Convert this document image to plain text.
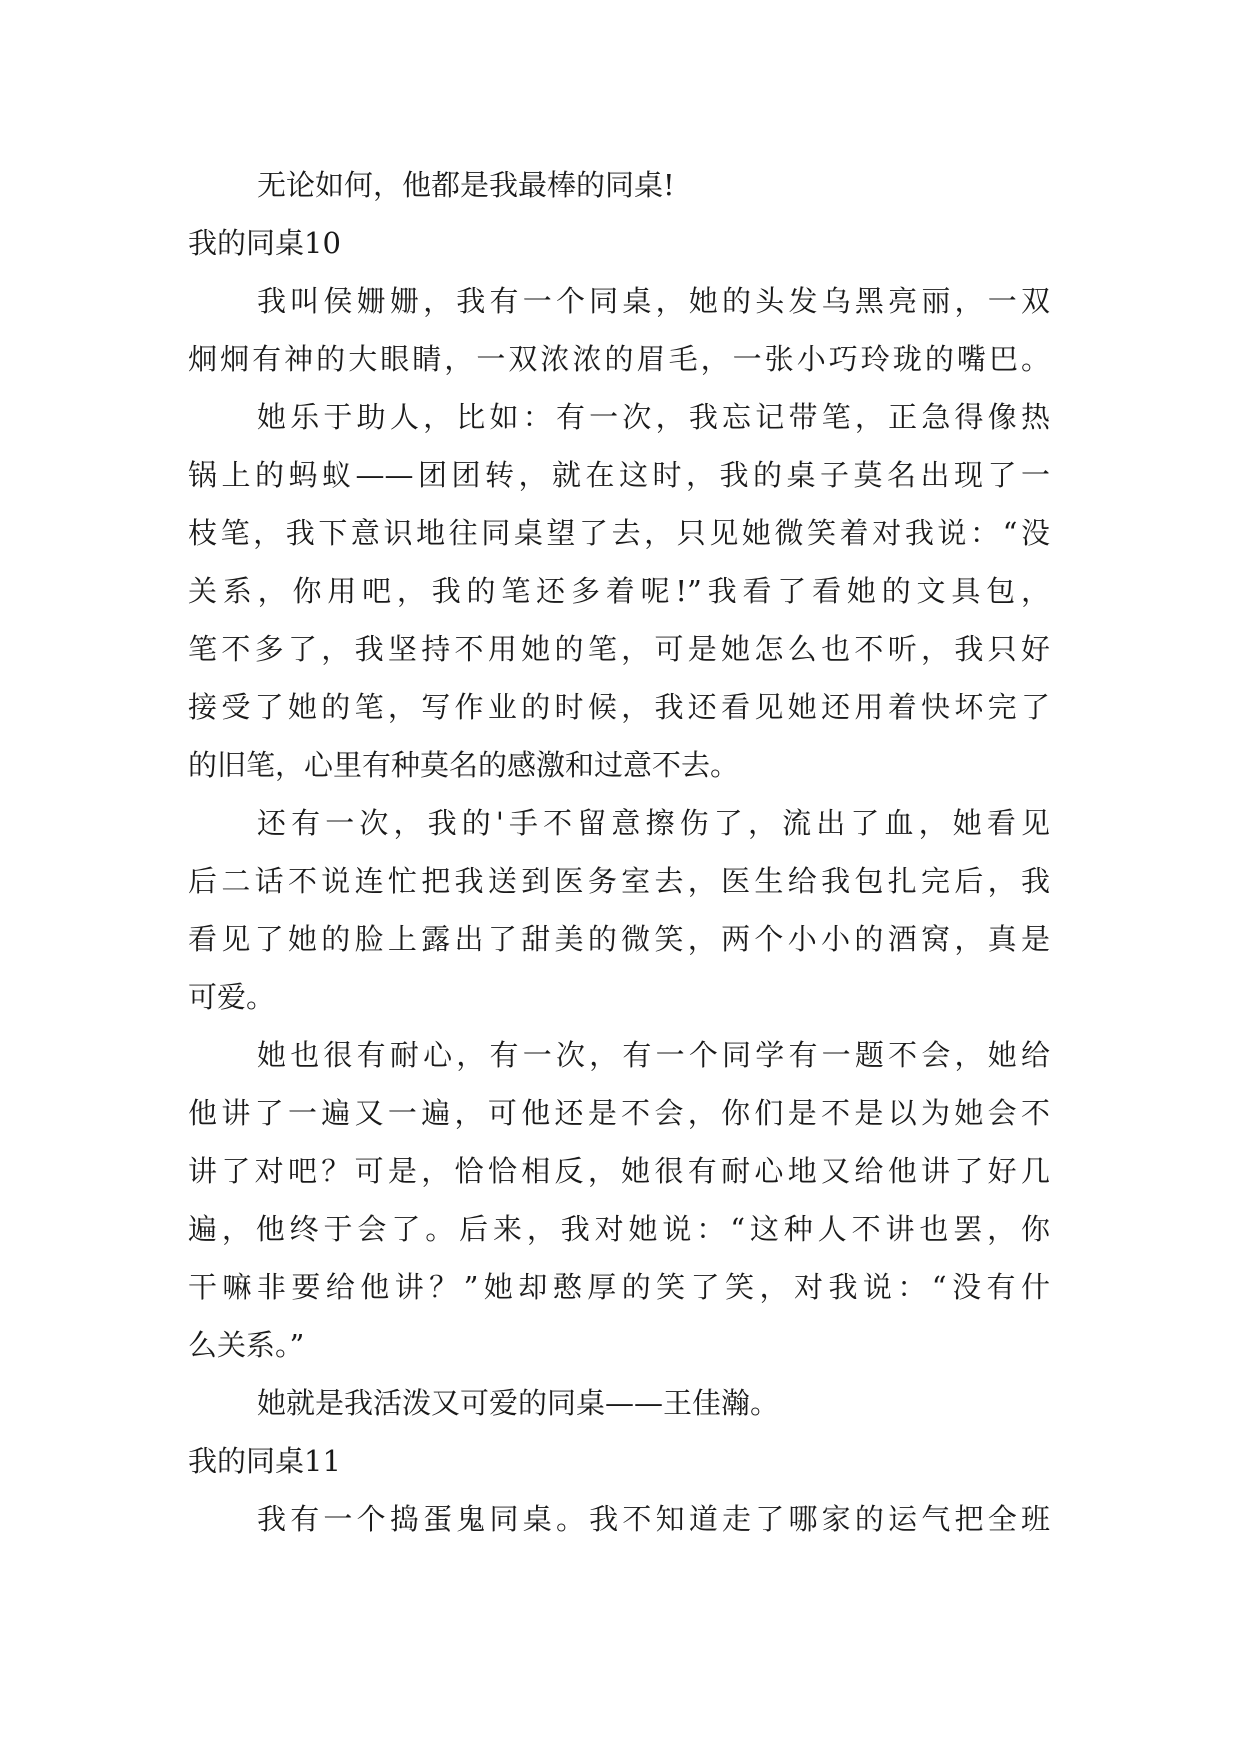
无论如何，他都是我最棒的同桌!
我的同桌10
我叫侯姗姗，我有一个同桌，她的头发乌黑亮丽，一双
炯炯有神的大眼睛，一双浓浓的眉毛，一张小巧玲珑的嘴巴。
她乐于助人，比如：有一次，我忘记带笔，正急得像热
锅上的蚂蚁——团团转，就在这时，我的桌子莫名出现了一
枝笔，我下意识地往同桌望了去，只见她微笑着对我说：“没
关系，你用吧，我的笔还多着呢!”我看了看她的文具包，
笔不多了，我坚持不用她的笔，可是她怎么也不听，我只好
接受了她的笔，写作业的时候，我还看见她还用着快坏完了
的旧笔，心里有种莫名的感激和过意不去。
还有一次，我的'手不留意擦伤了，流出了血，她看见
后二话不说连忙把我送到医务室去，医生给我包扎完后，我
看见了她的脸上露出了甜美的微笑，两个小小的酒窝，真是
可爱。
她也很有耐心，有一次，有一个同学有一题不会，她给
他讲了一遍又一遍，可他还是不会，你们是不是以为她会不
讲了对吧？可是，恰恰相反，她很有耐心地又给他讲了好几
遍，他终于会了。后来，我对她说：“这种人不讲也罢，你
干嘛非要给他讲？”她却憨厚的笑了笑，对我说：“没有什
么关系。”
她就是我活泼又可爱的同桌——王佳瀚。
我的同桌11
我有一个捣蛋鬼同桌。我不知道走了哪家的运气把全班
